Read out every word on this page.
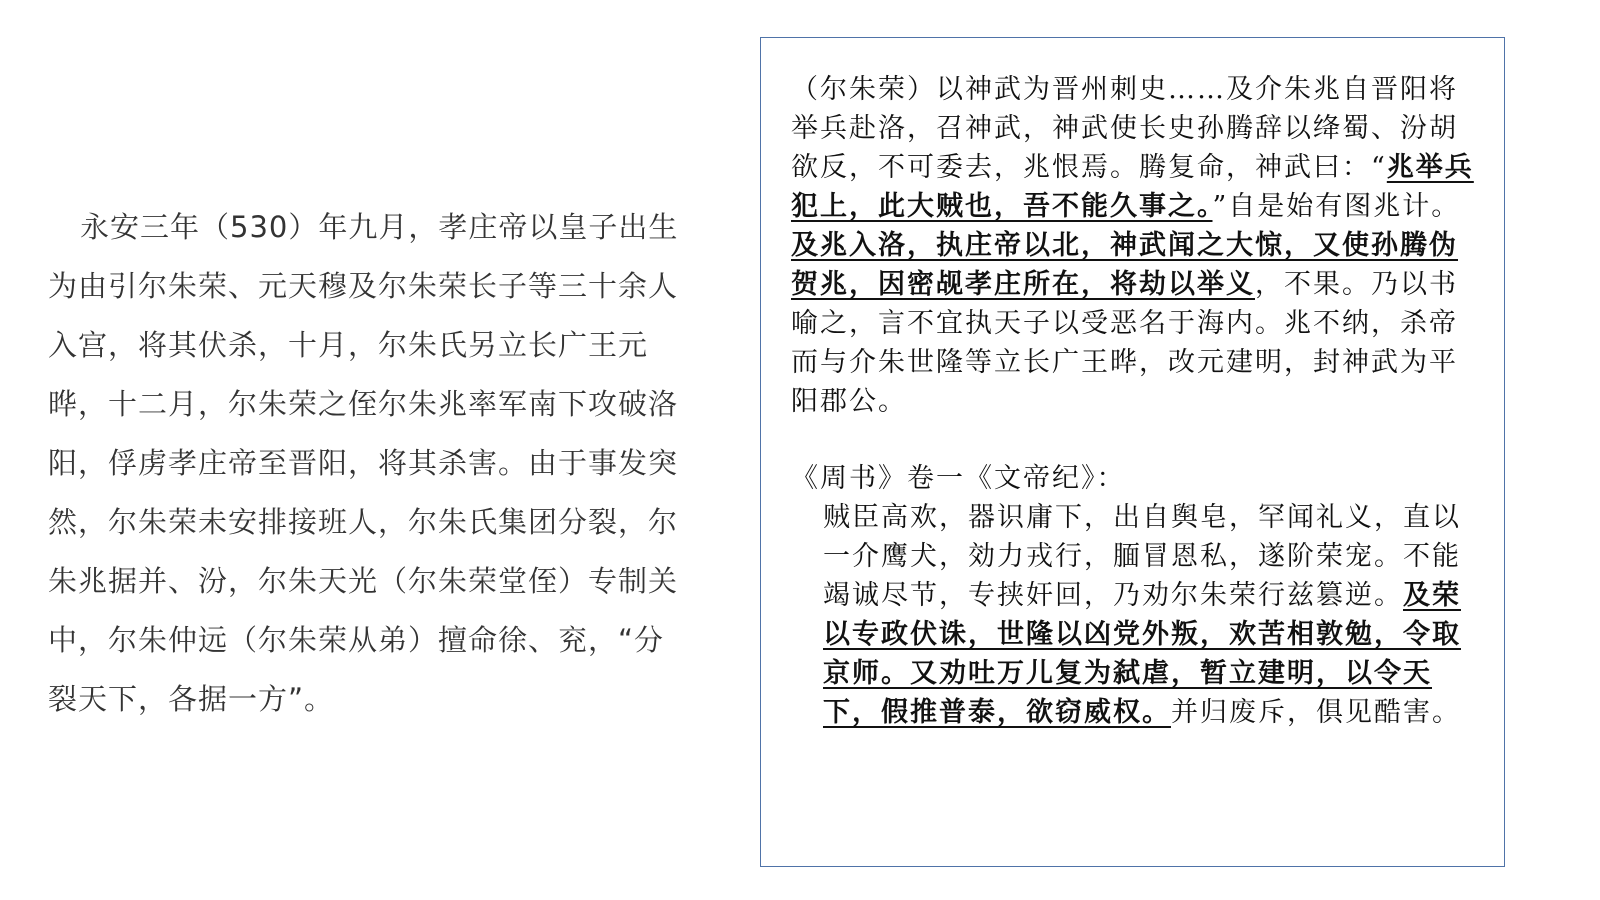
永安三年（530）年九月，孝庄帝以皇子出生为由引尔朱荣、元天穆及尔朱荣长子等三十余人入宫，将其伏杀，十月，尔朱氏另立长广王元晔，十二月，尔朱荣之侄尔朱兆率军南下攻破洛阳，俘虏孝庄帝至晋阳，将其杀害。由于事发突然，尔朱荣未安排接班人，尔朱氏集团分裂，尔朱兆据并、汾，尔朱天光（尔朱荣堂侄）专制关中，尔朱仲远（尔朱荣从弟）擅命徐、兖，“分裂天下，各据一方”。

（尔朱荣）以神武为晋州刺史……及介朱兆自晋阳将举兵赴洛，召神武，神武使长史孙腾辞以绛蜀、汾胡欲反，不可委去，兆恨焉。腾复命，神武曰：“兆举兵犯上，此大贼也，吾不能久事之。”自是始有图兆计。及兆入洛，执庄帝以北，神武闻之大惊，又使孙腾伪贺兆，因密觇孝庄所在，将劫以举义，不果。乃以书喻之，言不宜执天子以受恶名于海内。兆不纳，杀帝而与介朱世隆等立长广王晔，改元建明，封神武为平阳郡公。

《周书》卷一《文帝纪》：

贼臣高欢，器识庸下，出自舆皂，罕闻礼义，直以一介鹰犬，効力戎行，腼冒恩私，遂阶荣宠。不能竭诚尽节，专挟奸回，乃劝尔朱荣行兹篡逆。及荣以专政伏诛，世隆以凶党外叛，欢苦相敦勉，令取京师。又劝吐万儿复为弑虐，暂立建明，以令天下，假推普泰，欲窃威权。并归废斥，俱见酷害。
